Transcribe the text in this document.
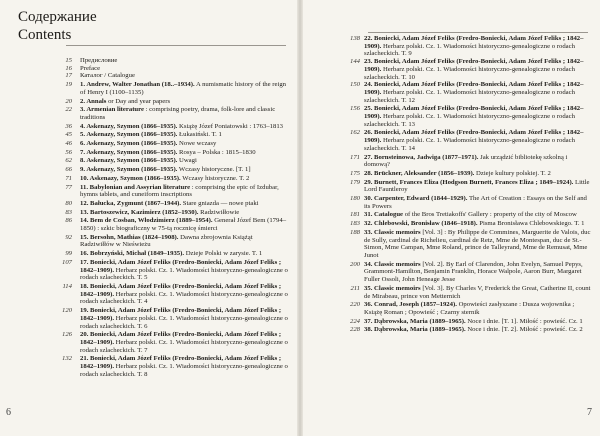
Содержание
Contents
15	Предисловие
16	Preface
17	Каталог / Catalogue
19	1. Andrew, Walter Jonathan (18..–1934). A numismatic history of the reign of Henry I (1100–1135)
20	2. Annals or Day and year papers
22	3. Armenian literature : comprising poetry, drama, folk-lore and classic traditions
36	4. Askenazy, Szymon (1866–1935). Książę Józef Poniatowski : 1763–1813
45	5. Askenazy, Szymon (1866–1935). Łukasiński. T. 1
46	6. Askenazy, Szymon (1866–1935). Nowe wczasy
56	7. Askenazy, Szymon (1866–1935). Rosya – Polska : 1815–1830
62	8. Askenazy, Szymon (1866–1935). Uwagi
66	9. Askenazy, Szymon (1866–1935). Wczasy historyczne. [T. 1]
71	10. Askenazy, Szymon (1866–1935). Wczasy historyczne. T. 2
77	11. Babylonian and Assyrian literature : comprising the epic of Izdubar, hymns tablets, and cuneiform inscriptions
80	12. Bałucka, Zygmunt (1867–1944). Stare gniazda — nowe ptaki
83	13. Bartoszewicz, Kazimierz (1852–1930). Radziwiłłowie
86	14. Bem de Cosban, Włodzimierz (1889–1954). Generał Józef Bem (1794–1850) : szkic biograficzny w 75-tą rocznicę śmierci
92	15. Bersohn, Mathias (1824–1908). Dawna zbrojownia Książąt Radziwiłłów w Nieświeżu
99	16. Bobrzyński, Michał (1849–1935). Dzieje Polski w zarysie. T. 1
107	17. Boniecki, Adam Józef Feliks (Fredro-Boniecki, Adam Józef Feliks ; 1842–1909). Herbarz polski. Cz. 1. Wiadomości historyczno-genealogiczne o rodach szlacheckich. T. 5
114	18. Boniecki, Adam Józef Feliks (Fredro-Boniecki, Adam Józef Feliks ; 1842–1909). Herbarz polski. Cz. 1. Wiadomości historyczno-genealogiczne o rodach szlacheckich. T. 4
120	19. Boniecki, Adam Józef Feliks (Fredro-Boniecki, Adam Józef Feliks ; 1842–1909). Herbarz polski. Cz. 1. Wiadomości historyczno-genealogiczne o rodach szlacheckich. T. 6
126	20. Boniecki, Adam Józef Feliks (Fredro-Boniecki, Adam Józef Feliks ; 1842–1909). Herbarz polski. Cz. 1. Wiadomości historyczno-genealogiczne o rodach szlacheckich. T. 7
132	21. Boniecki, Adam Józef Feliks (Fredro-Boniecki, Adam Józef Feliks ; 1842–1909). Herbarz polski. Cz. 1. Wiadomości historyczno-genealogiczne o rodach szlacheckich. T. 8
6
138 22. Boniecki, Adam Józef Feliks (Fredro-Boniecki, Adam Józef Feliks ; 1842–1909). Herbarz polski. Cz. 1. Wiadomości historyczno-genealogiczne o rodach szlacheckich. T. 9
144 23. Boniecki, Adam Józef Feliks (Fredro-Boniecki, Adam Józef Feliks ; 1842–1909). Herbarz polski. Cz. 1. Wiadomości historyczno-genealogiczne o rodach szlacheckich. T. 10
150 24. Boniecki, Adam Józef Feliks (Fredro-Boniecki, Adam Józef Feliks ; 1842–1909). Herbarz polski. Cz. 1. Wiadomości historyczno-genealogiczne o rodach szlacheckich. T. 12
156 25. Boniecki, Adam Józef Feliks (Fredro-Boniecki, Adam Józef Feliks ; 1842–1909). Herbarz polski. Cz. 1. Wiadomości historyczno-genealogiczne o rodach szlacheckich. T. 13
162 26. Boniecki, Adam Józef Feliks (Fredro-Boniecki, Adam Józef Feliks ; 1842–1909). Herbarz polski. Cz. 1. Wiadomości historyczno-genealogiczne o rodach szlacheckich. T. 14
171 27. Bornsteinowa, Jadwiga (1877–1971). Jak urządzić bibliotekę szkolną i domową?
175 28. Brückner, Aleksander (1856–1939). Dzieje kultury polskiej. T. 2
179 29. Burnett, Frances Eliza (Hodgson Burnett, Frances Eliza ; 1849–1924). Little Lord Fauntleroy
180 30. Carpenter, Edward (1844–1929). The Art of Creation : Essays on the Self and its Powers
181 31. Catalogue of the Bros Tretiakoffs' Gallery : property of the city of Moscow
183 32. Chlebowski, Bronisław (1846–1918). Pisma Bronisława Chlebowskiego. T. 1
188 33. Classic memoirs [Vol. 3] : By Philippe de Commines, Marguerite de Valois, duc de Sully, cardinal de Richelieu, cardinal de Retz, Mme de Montespan, duc de St.-Simon, Mme Campan, Mme Roland, prince de Talleyrand, Mme de Remusat, Mme Junot
200 34. Classic memoirs [Vol. 2]. By Earl of Clarendon, John Evelyn, Samuel Pepys, Grammont-Hamilton, Benjamin Franklin, Horace Walpole, Aaron Burr, Margaret Fuller Ossoli, John Heneage Jesse
211 35. Classic memoirs [Vol. 3]. By Charles V, Frederick the Great, Catherine II, count de Mirabeau, prince von Metternich
220 36. Conrad, Joseph (1857–1924). Opowieści zasłyszane : Dusza wojownika ; Książę Roman ; Opowieść ; Czarny sternik
224 37. Dąbrowska, Maria (1889–1965). Noce i dnie. [T. 1]. Miłość : powieść. Cz. 1
228 38. Dąbrowska, Maria (1889–1965). Noce i dnie. [T. 2]. Miłość : powieść. Cz. 2
7
